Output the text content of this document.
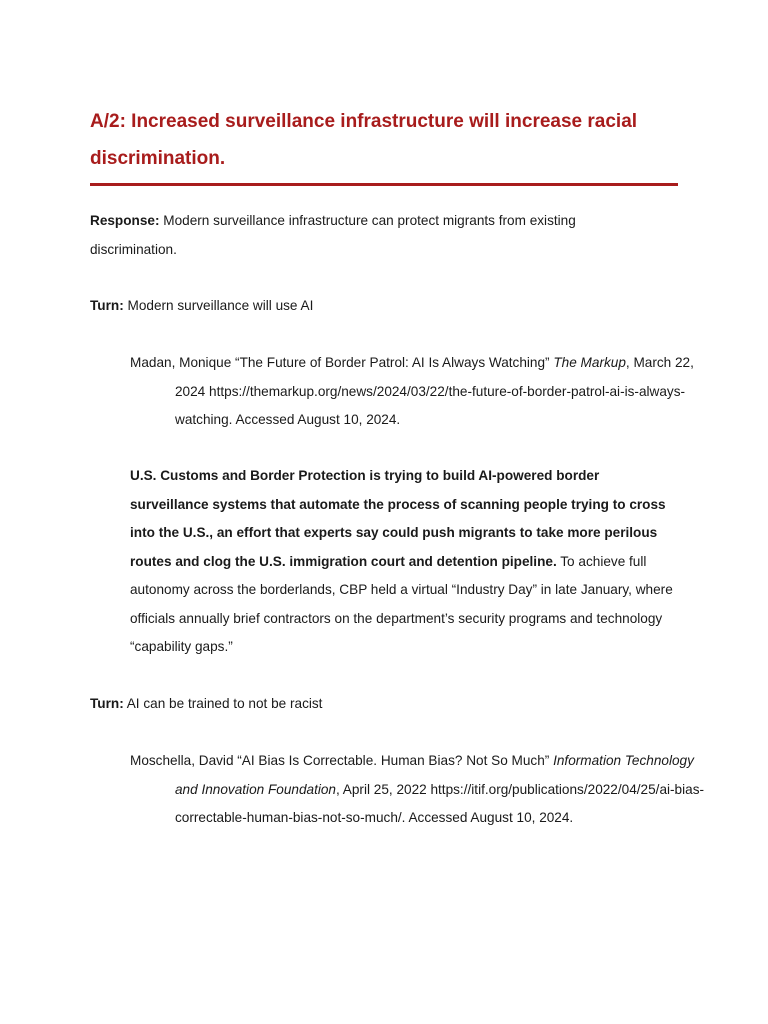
A/2: Increased surveillance infrastructure will increase racial discrimination.

Response: Modern surveillance infrastructure can protect migrants from existing discrimination.

Turn: Modern surveillance will use AI

Madan, Monique “The Future of Border Patrol: AI Is Always Watching” The Markup, March 22, 2024 https://themarkup.org/news/2024/03/22/the-future-of-border-patrol-ai-is-always-watching. Accessed August 10, 2024.

U.S. Customs and Border Protection is trying to build AI-powered border surveillance systems that automate the process of scanning people trying to cross into the U.S., an effort that experts say could push migrants to take more perilous routes and clog the U.S. immigration court and detention pipeline. To achieve full autonomy across the borderlands, CBP held a virtual “Industry Day” in late January, where officials annually brief contractors on the department’s security programs and technology “capability gaps.”

Turn: AI can be trained to not be racist

Moschella, David “AI Bias Is Correctable. Human Bias? Not So Much” Information Technology and Innovation Foundation, April 25, 2022 https://itif.org/publications/2022/04/25/ai-bias-correctable-human-bias-not-so-much/. Accessed August 10, 2024.
